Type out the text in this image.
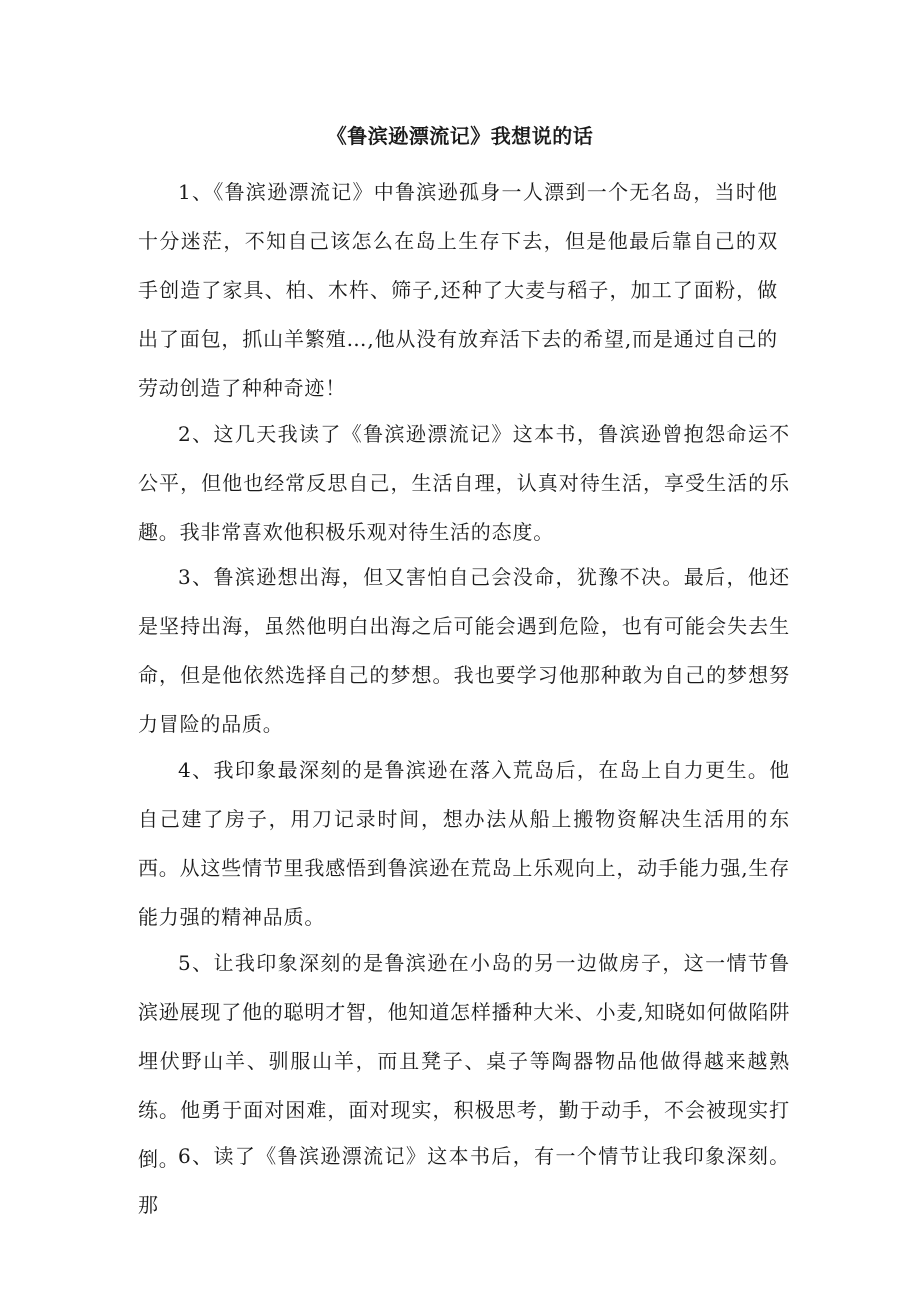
《鲁滨逊漂流记》我想说的话

1、《鲁滨逊漂流记》中鲁滨逊孤身一人漂到一个无名岛，当时他十分迷茫，不知自己该怎么在岛上生存下去，但是他最后靠自己的双手创造了家具、柏、木杵、筛子,还种了大麦与稻子，加工了面粉，做出了面包，抓山羊繁殖…,他从没有放弃活下去的希望,而是通过自己的劳动创造了种种奇迹！

2、这几天我读了《鲁滨逊漂流记》这本书，鲁滨逊曾抱怨命运不公平，但他也经常反思自己，生活自理，认真对待生活，享受生活的乐趣。我非常喜欢他积极乐观对待生活的态度。

3、鲁滨逊想出海，但又害怕自己会没命，犹豫不决。最后，他还是坚持出海，虽然他明白出海之后可能会遇到危险，也有可能会失去生命，但是他依然选择自己的梦想。我也要学习他那种敢为自己的梦想努力冒险的品质。

4、我印象最深刻的是鲁滨逊在落入荒岛后，在岛上自力更生。他自己建了房子，用刀记录时间，想办法从船上搬物资解决生活用的东西。从这些情节里我感悟到鲁滨逊在荒岛上乐观向上，动手能力强,生存能力强的精神品质。

5、让我印象深刻的是鲁滨逊在小岛的另一边做房子，这一情节鲁滨逊展现了他的聪明才智，他知道怎样播种大米、小麦,知晓如何做陷阱埋伏野山羊、驯服山羊，而且凳子、桌子等陶器物品他做得越来越熟练。他勇于面对困难，面对现实，积极思考，勤于动手，不会被现实打倒。

6、读了《鲁滨逊漂流记》这本书后，有一个情节让我印象深刻。那
